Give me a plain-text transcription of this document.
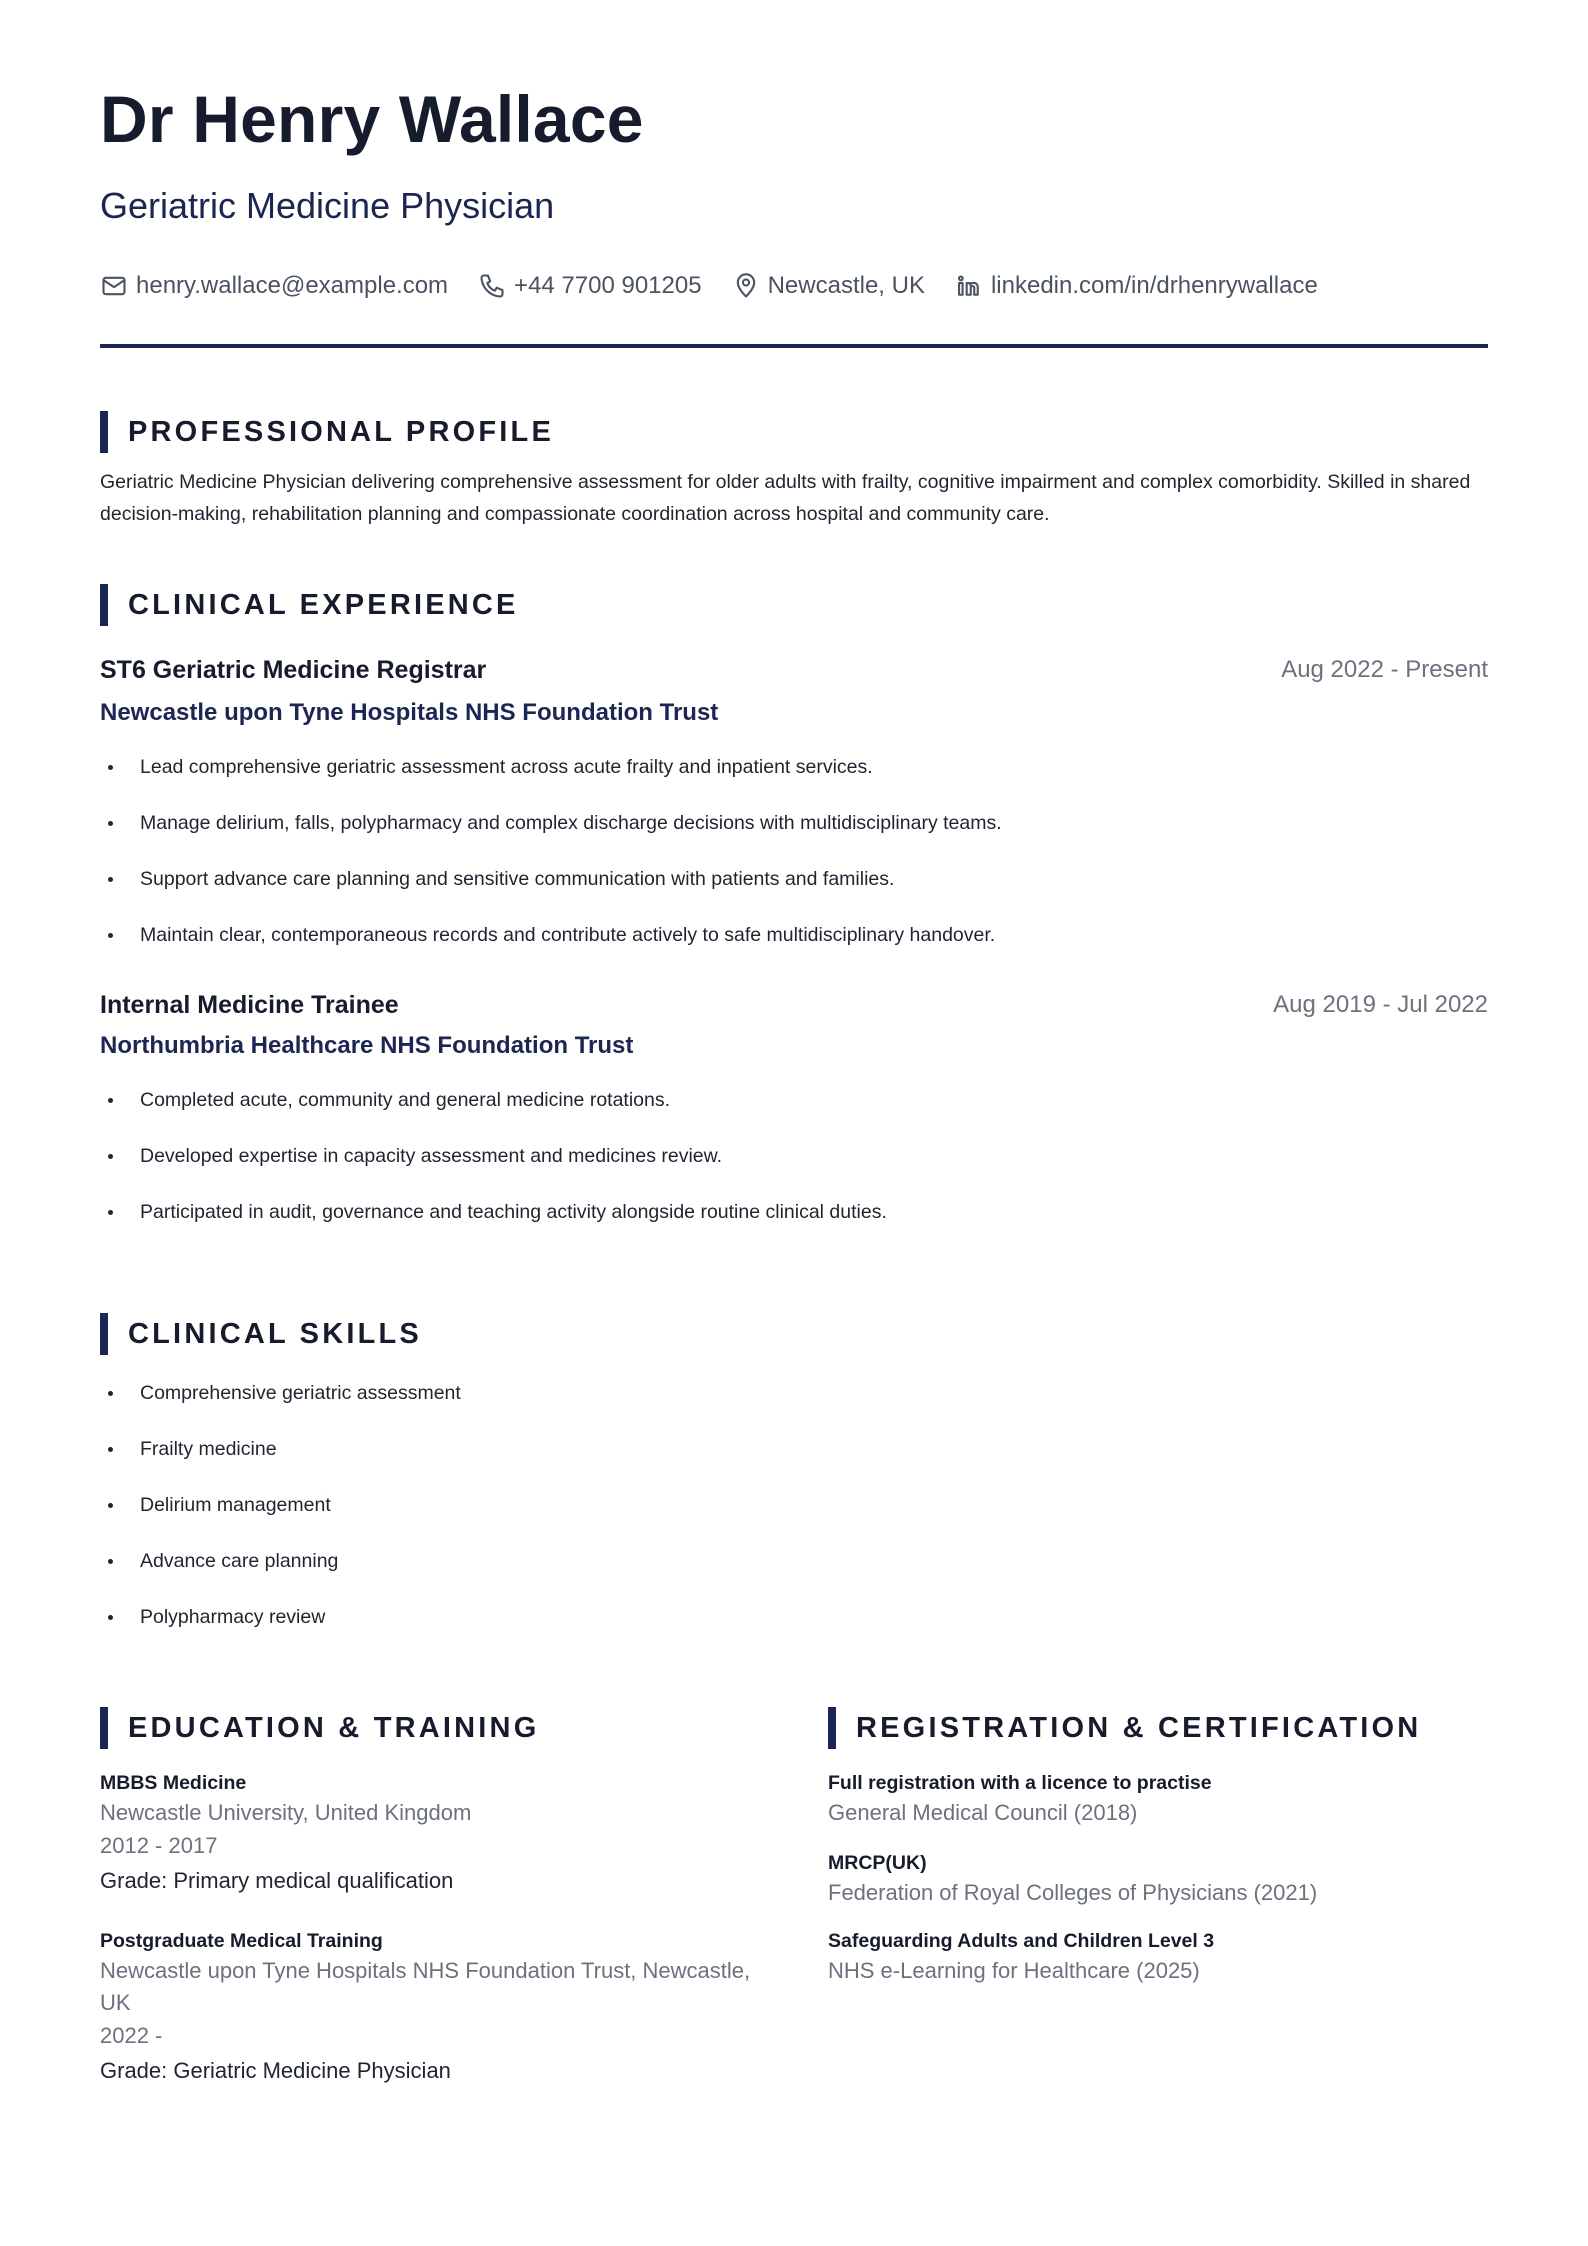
Dr Henry Wallace
Geriatric Medicine Physician
henry.wallace@example.com	+44 7700 901205	Newcastle, UK	linkedin.com/in/drhenrywallace
PROFESSIONAL PROFILE

Geriatric Medicine Physician delivering comprehensive assessment for older adults with frailty, cognitive impairment and complex comorbidity. Skilled in shared decision-making, rehabilitation planning and compassionate coordination across hospital and community care.

CLINICAL EXPERIENCE

ST6 Geriatric Medicine Registrar	Aug 2022 - Present

Newcastle upon Tyne Hospitals NHS Foundation Trust

Lead comprehensive geriatric assessment across acute frailty and inpatient services.
Manage delirium, falls, polypharmacy and complex discharge decisions with multidisciplinary teams.
Support advance care planning and sensitive communication with patients and families.
Maintain clear, contemporaneous records and contribute actively to safe multidisciplinary handover.

Internal Medicine Trainee	Aug 2019 - Jul 2022

Northumbria Healthcare NHS Foundation Trust

Completed acute, community and general medicine rotations.
Developed expertise in capacity assessment and medicines review.
Participated in audit, governance and teaching activity alongside routine clinical duties.
CLINICAL SKILLS
Comprehensive geriatric assessment
Frailty medicine
Delirium management
Advance care planning
Polypharmacy review
EDUCATION & TRAINING
MBBS Medicine
Newcastle University, United Kingdom
2012 - 2017
Grade: Primary medical qualification
Postgraduate Medical Training
Newcastle upon Tyne Hospitals NHS Foundation Trust, Newcastle, UK
2022 -
Grade: Geriatric Medicine Physician
REGISTRATION & CERTIFICATION
Full registration with a licence to practise
General Medical Council (2018)
MRCP(UK)
Federation of Royal Colleges of Physicians (2021)
Safeguarding Adults and Children Level 3
NHS e-Learning for Healthcare (2025)
